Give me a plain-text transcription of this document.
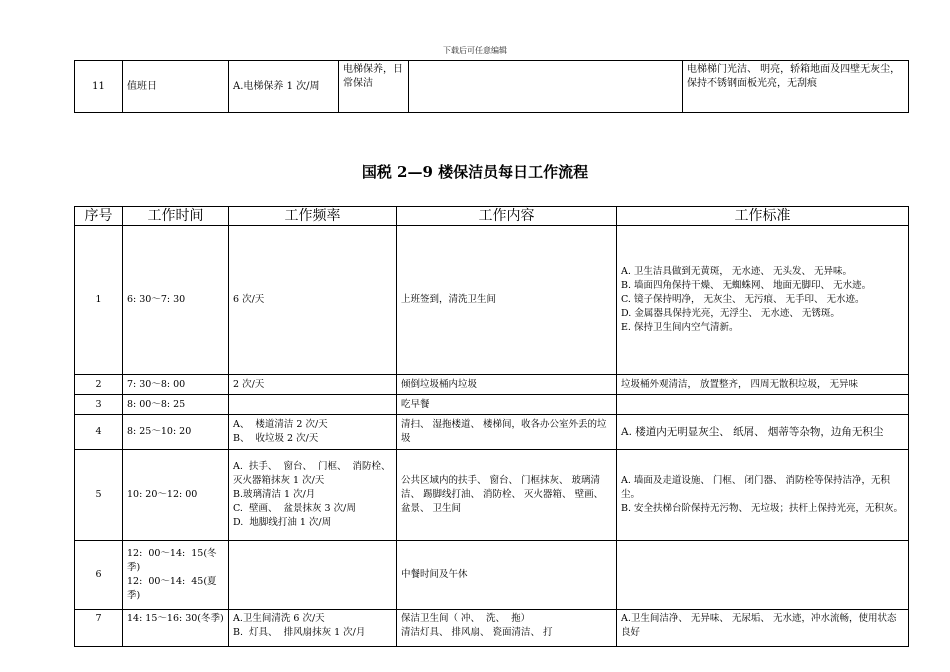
下载后可任意编辑
11	值班日	A.电梯保养 1 次/周	电梯保养，日常保洁		电梯梯门光洁、 明亮，轿箱地面及四壁无灰尘，保持不锈钢面板光亮，无刮痕
国税 2—9 楼保洁员每日工作流程
序号	工作时间	工作频率	工作内容	工作标准
1	6: 30～7: 30	6 次/天	上班签到，清洗卫生间	A. 卫生洁具做到无黄斑， 无水迹、 无头发、 无异味。
B. 墙面四角保持干燥、 无蜘蛛网、 地面无脚印、 无水迹。
C. 镜子保持明净， 无灰尘、 无污痕、 无手印、 无水迹。
D. 金属器具保持光亮，无浮尘、 无水迹、 无锈斑。
E. 保持卫生间内空气清新。
2	7: 30～8: 00	2 次/天	倾倒垃圾桶内垃圾	垃圾桶外观清洁， 放置整齐， 四周无散积垃圾， 无异味
3	8: 00～8: 25		吃早餐	
4	8: 25～10: 20	A、  楼道清洁 2 次/天
B、  收垃圾 2 次/天	清扫、 湿拖楼道、 楼梯间，收各办公室外丢的垃圾	A. 楼道内无明显灰尘、 纸屑、 烟蒂等杂物，边角无积尘
5	10: 20～12: 00	A.  扶手、  窗台、  门框、  消防栓、  灭火器箱抹灰 1 次/天
B.玻璃清洁 1 次/月
C.  壁画、  盆景抹灰 3 次/周
D.  地脚线打油 1 次/周	公共区域内的扶手、 窗台、 门框抹灰、 玻璃清洁、 踢脚线打油、 消防栓、 灭火器箱、 壁画、 盆景、 卫生间	A. 墙面及走道设施、 门框、 闭门器、 消防栓等保持洁净，无积尘。
B. 安全扶梯台阶保持无污物、 无垃圾；扶杆上保持光亮，无积灰。
6	12:  00～14:  15(冬季)
12:  00～14:  45(夏季)		中餐时间及午休	
7	14: 15～16: 30(冬季)	A.卫生间清洗 6 次/天
B.  灯具、  排风扇抹灰 1 次/月	保洁卫生间（ 冲、  洗、  拖）
清洁灯具、 排风扇、 瓷面清洁、 打	A.卫生间洁净、 无异味、 无尿垢、 无水迹，冲水流畅，使用状态良好
